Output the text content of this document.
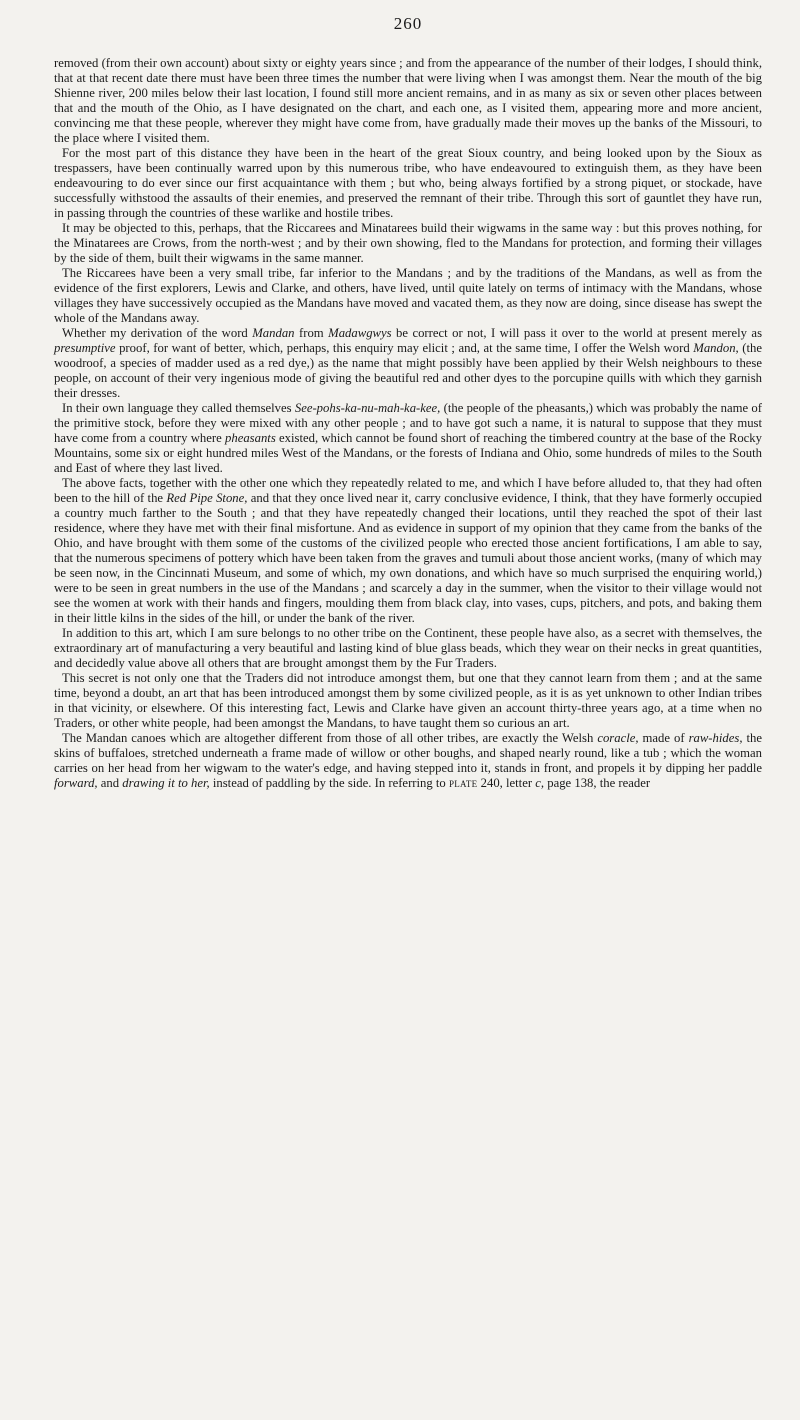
260

removed (from their own account) about sixty or eighty years since ; and from the appearance of the number of their lodges, I should think, that at that recent date there must have been three times the number that were living when I was amongst them. Near the mouth of the big Shienne river, 200 miles below their last location, I found still more ancient remains, and in as many as six or seven other places between that and the mouth of the Ohio, as I have designated on the chart, and each one, as I visited them, appearing more and more ancient, convincing me that these people, wherever they might have come from, have gradually made their moves up the banks of the Missouri, to the place where I visited them.

For the most part of this distance they have been in the heart of the great Sioux country, and being looked upon by the Sioux as trespassers, have been continually warred upon by this numerous tribe, who have endeavoured to extinguish them, as they have been endeavouring to do ever since our first acquaintance with them ; but who, being always fortified by a strong piquet, or stockade, have successfully withstood the assaults of their enemies, and preserved the remnant of their tribe. Through this sort of gauntlet they have run, in passing through the countries of these warlike and hostile tribes.

It may be objected to this, perhaps, that the Riccarees and Minatarees build their wigwams in the same way : but this proves nothing, for the Minatarees are Crows, from the north-west ; and by their own showing, fled to the Mandans for protection, and forming their villages by the side of them, built their wigwams in the same manner.

The Riccarees have been a very small tribe, far inferior to the Mandans ; and by the traditions of the Mandans, as well as from the evidence of the first explorers, Lewis and Clarke, and others, have lived, until quite lately on terms of intimacy with the Mandans, whose villages they have successively occupied as the Mandans have moved and vacated them, as they now are doing, since disease has swept the whole of the Mandans away.

Whether my derivation of the word Mandan from Madawgwys be correct or not, I will pass it over to the world at present merely as presumptive proof, for want of better, which, perhaps, this enquiry may elicit ; and, at the same time, I offer the Welsh word Mandon, (the woodroof, a species of madder used as a red dye,) as the name that might possibly have been applied by their Welsh neighbours to these people, on account of their very ingenious mode of giving the beautiful red and other dyes to the porcupine quills with which they garnish their dresses.

In their own language they called themselves See-pohs-ka-nu-mah-ka-kee, (the people of the pheasants,) which was probably the name of the primitive stock, before they were mixed with any other people ; and to have got such a name, it is natural to suppose that they must have come from a country where pheasants existed, which cannot be found short of reaching the timbered country at the base of the Rocky Mountains, some six or eight hundred miles West of the Mandans, or the forests of Indiana and Ohio, some hundreds of miles to the South and East of where they last lived.

The above facts, together with the other one which they repeatedly related to me, and which I have before alluded to, that they had often been to the hill of the Red Pipe Stone, and that they once lived near it, carry conclusive evidence, I think, that they have formerly occupied a country much farther to the South ; and that they have repeatedly changed their locations, until they reached the spot of their last residence, where they have met with their final misfortune. And as evidence in support of my opinion that they came from the banks of the Ohio, and have brought with them some of the customs of the civilized people who erected those ancient fortifications, I am able to say, that the numerous specimens of pottery which have been taken from the graves and tumuli about those ancient works, (many of which may be seen now, in the Cincinnati Museum, and some of which, my own donations, and which have so much surprised the enquiring world,) were to be seen in great numbers in the use of the Mandans ; and scarcely a day in the summer, when the visitor to their village would not see the women at work with their hands and fingers, moulding them from black clay, into vases, cups, pitchers, and pots, and baking them in their little kilns in the sides of the hill, or under the bank of the river.

In addition to this art, which I am sure belongs to no other tribe on the Continent, these people have also, as a secret with themselves, the extraordinary art of manufacturing a very beautiful and lasting kind of blue glass beads, which they wear on their necks in great quantities, and decidedly value above all others that are brought amongst them by the Fur Traders.

This secret is not only one that the Traders did not introduce amongst them, but one that they cannot learn from them ; and at the same time, beyond a doubt, an art that has been introduced amongst them by some civilized people, as it is as yet unknown to other Indian tribes in that vicinity, or elsewhere. Of this interesting fact, Lewis and Clarke have given an account thirty-three years ago, at a time when no Traders, or other white people, had been amongst the Mandans, to have taught them so curious an art.

The Mandan canoes which are altogether different from those of all other tribes, are exactly the Welsh coracle, made of raw-hides, the skins of buffaloes, stretched underneath a frame made of willow or other boughs, and shaped nearly round, like a tub ; which the woman carries on her head from her wigwam to the water's edge, and having stepped into it, stands in front, and propels it by dipping her paddle forward, and drawing it to her, instead of paddling by the side. In referring to plate 240, letter c, page 138, the reader
